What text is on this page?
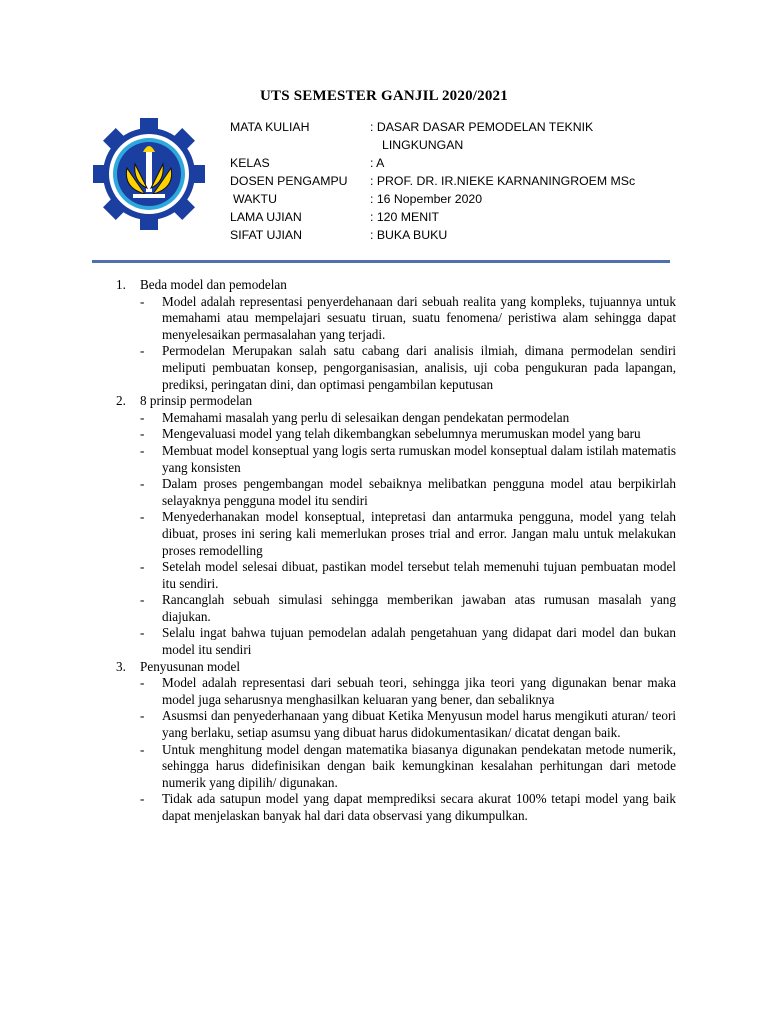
UTS SEMESTER GANJIL 2020/2021
MATA KULIAH	: DASAR DASAR PEMODELAN TEKNIK
LINGKUNGAN
KELAS	: A
DOSEN PENGAMPU	: PROF. DR. IR.NIEKE KARNANINGROEM MSc
WAKTU	: 16 Nopember 2020
LAMA UJIAN	: 120 MENIT
SIFAT UJIAN	: BUKA BUKU
1.	Beda model dan pemodelan
-	Model adalah representasi penyerdehanaan dari sebuah realita yang kompleks, tujuannya untuk memahami atau mempelajari sesuatu tiruan, suatu fenomena/ peristiwa alam sehingga dapat menyelesaikan permasalahan yang terjadi.
-	Permodelan Merupakan salah satu cabang dari analisis ilmiah, dimana permodelan sendiri meliputi pembuatan konsep, pengorganisasian, analisis, uji coba pengukuran pada lapangan, prediksi, peringatan dini, dan optimasi pengambilan keputusan
2.	8 prinsip permodelan
-	Memahami masalah yang perlu di selesaikan dengan pendekatan permodelan
-	Mengevaluasi model yang telah dikembangkan sebelumnya merumuskan model yang baru
-	Membuat model konseptual yang logis serta rumuskan model konseptual dalam istilah matematis yang konsisten
-	Dalam proses pengembangan model sebaiknya melibatkan pengguna model atau berpikirlah selayaknya pengguna model itu sendiri
-	Menyederhanakan model konseptual, intepretasi dan antarmuka pengguna, model yang telah dibuat, proses ini sering kali memerlukan proses trial and error. Jangan malu untuk melakukan proses remodelling
-	Setelah model selesai dibuat, pastikan model tersebut telah memenuhi tujuan pembuatan model itu sendiri.
-	Rancanglah sebuah simulasi sehingga memberikan jawaban atas rumusan masalah yang diajukan.
-	Selalu ingat bahwa tujuan pemodelan adalah pengetahuan yang didapat dari model dan bukan model itu sendiri
3.	Penyusunan model
-	Model adalah representasi dari sebuah teori, sehingga jika teori yang digunakan benar maka model juga seharusnya menghasilkan keluaran yang bener, dan sebaliknya
-	Asusmsi dan penyederhanaan yang dibuat Ketika Menyusun model harus mengikuti aturan/ teori yang berlaku, setiap asumsu yang dibuat harus didokumentasikan/ dicatat dengan baik.
-	Untuk menghitung model dengan matematika biasanya digunakan pendekatan metode numerik, sehingga harus didefinisikan dengan baik kemungkinan kesalahan perhitungan dari metode numerik yang dipilih/ digunakan.
-	Tidak ada satupun model yang dapat memprediksi secara akurat 100% tetapi model yang baik dapat menjelaskan banyak hal dari data observasi yang dikumpulkan.
